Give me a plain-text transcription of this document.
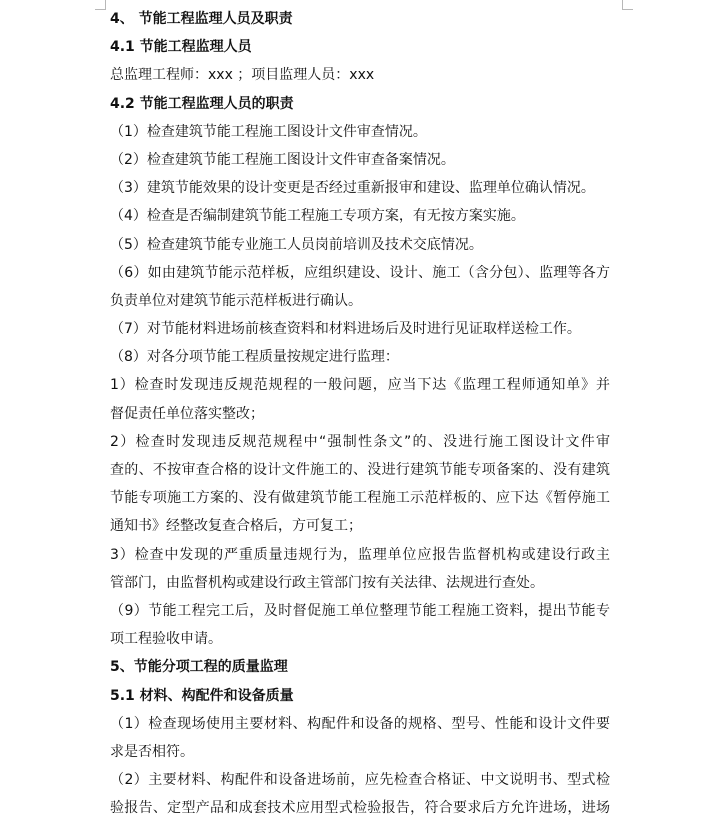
4、 节能工程监理人员及职责
4.1 节能工程监理人员
总监理工程师：xxx ；项目监理人员：xxx
4.2 节能工程监理人员的职责
（1）检查建筑节能工程施工图设计文件审查情况。
（2）检查建筑节能工程施工图设计文件审查备案情况。
（3）建筑节能效果的设计变更是否经过重新报审和建设、监理单位确认情况。
（4）检查是否编制建筑节能工程施工专项方案，有无按方案实施。
（5）检查建筑节能专业施工人员岗前培训及技术交底情况。
（6）如由建筑节能示范样板，应组织建设、设计、施工（含分包）、监理等各方
负责单位对建筑节能示范样板进行确认。
（7）对节能材料进场前核查资料和材料进场后及时进行见证取样送检工作。
（8）对各分项节能工程质量按规定进行监理：
1）检查时发现违反规范规程的一般问题，应当下达《监理工程师通知单》并
督促责任单位落实整改；
2）检查时发现违反规范规程中“强制性条文”的、没进行施工图设计文件审
查的、不按审查合格的设计文件施工的、没进行建筑节能专项备案的、没有建筑
节能专项施工方案的、没有做建筑节能工程施工示范样板的、应下达《暂停施工
通知书》经整改复查合格后，方可复工；
3）检查中发现的严重质量违规行为，监理单位应报告监督机构或建设行政主
管部门，由监督机构或建设行政主管部门按有关法律、法规进行查处。
（9）节能工程完工后，及时督促施工单位整理节能工程施工资料，提出节能专
项工程验收申请。
5、节能分项工程的质量监理
5.1 材料、构配件和设备质量
（1）检查现场使用主要材料、构配件和设备的规格、型号、性能和设计文件要
求是否相符。
（2）主要材料、构配件和设备进场前，应先检查合格证、中文说明书、型式检
验报告、定型产品和成套技术应用型式检验报告，符合要求后方允许进场，进场
